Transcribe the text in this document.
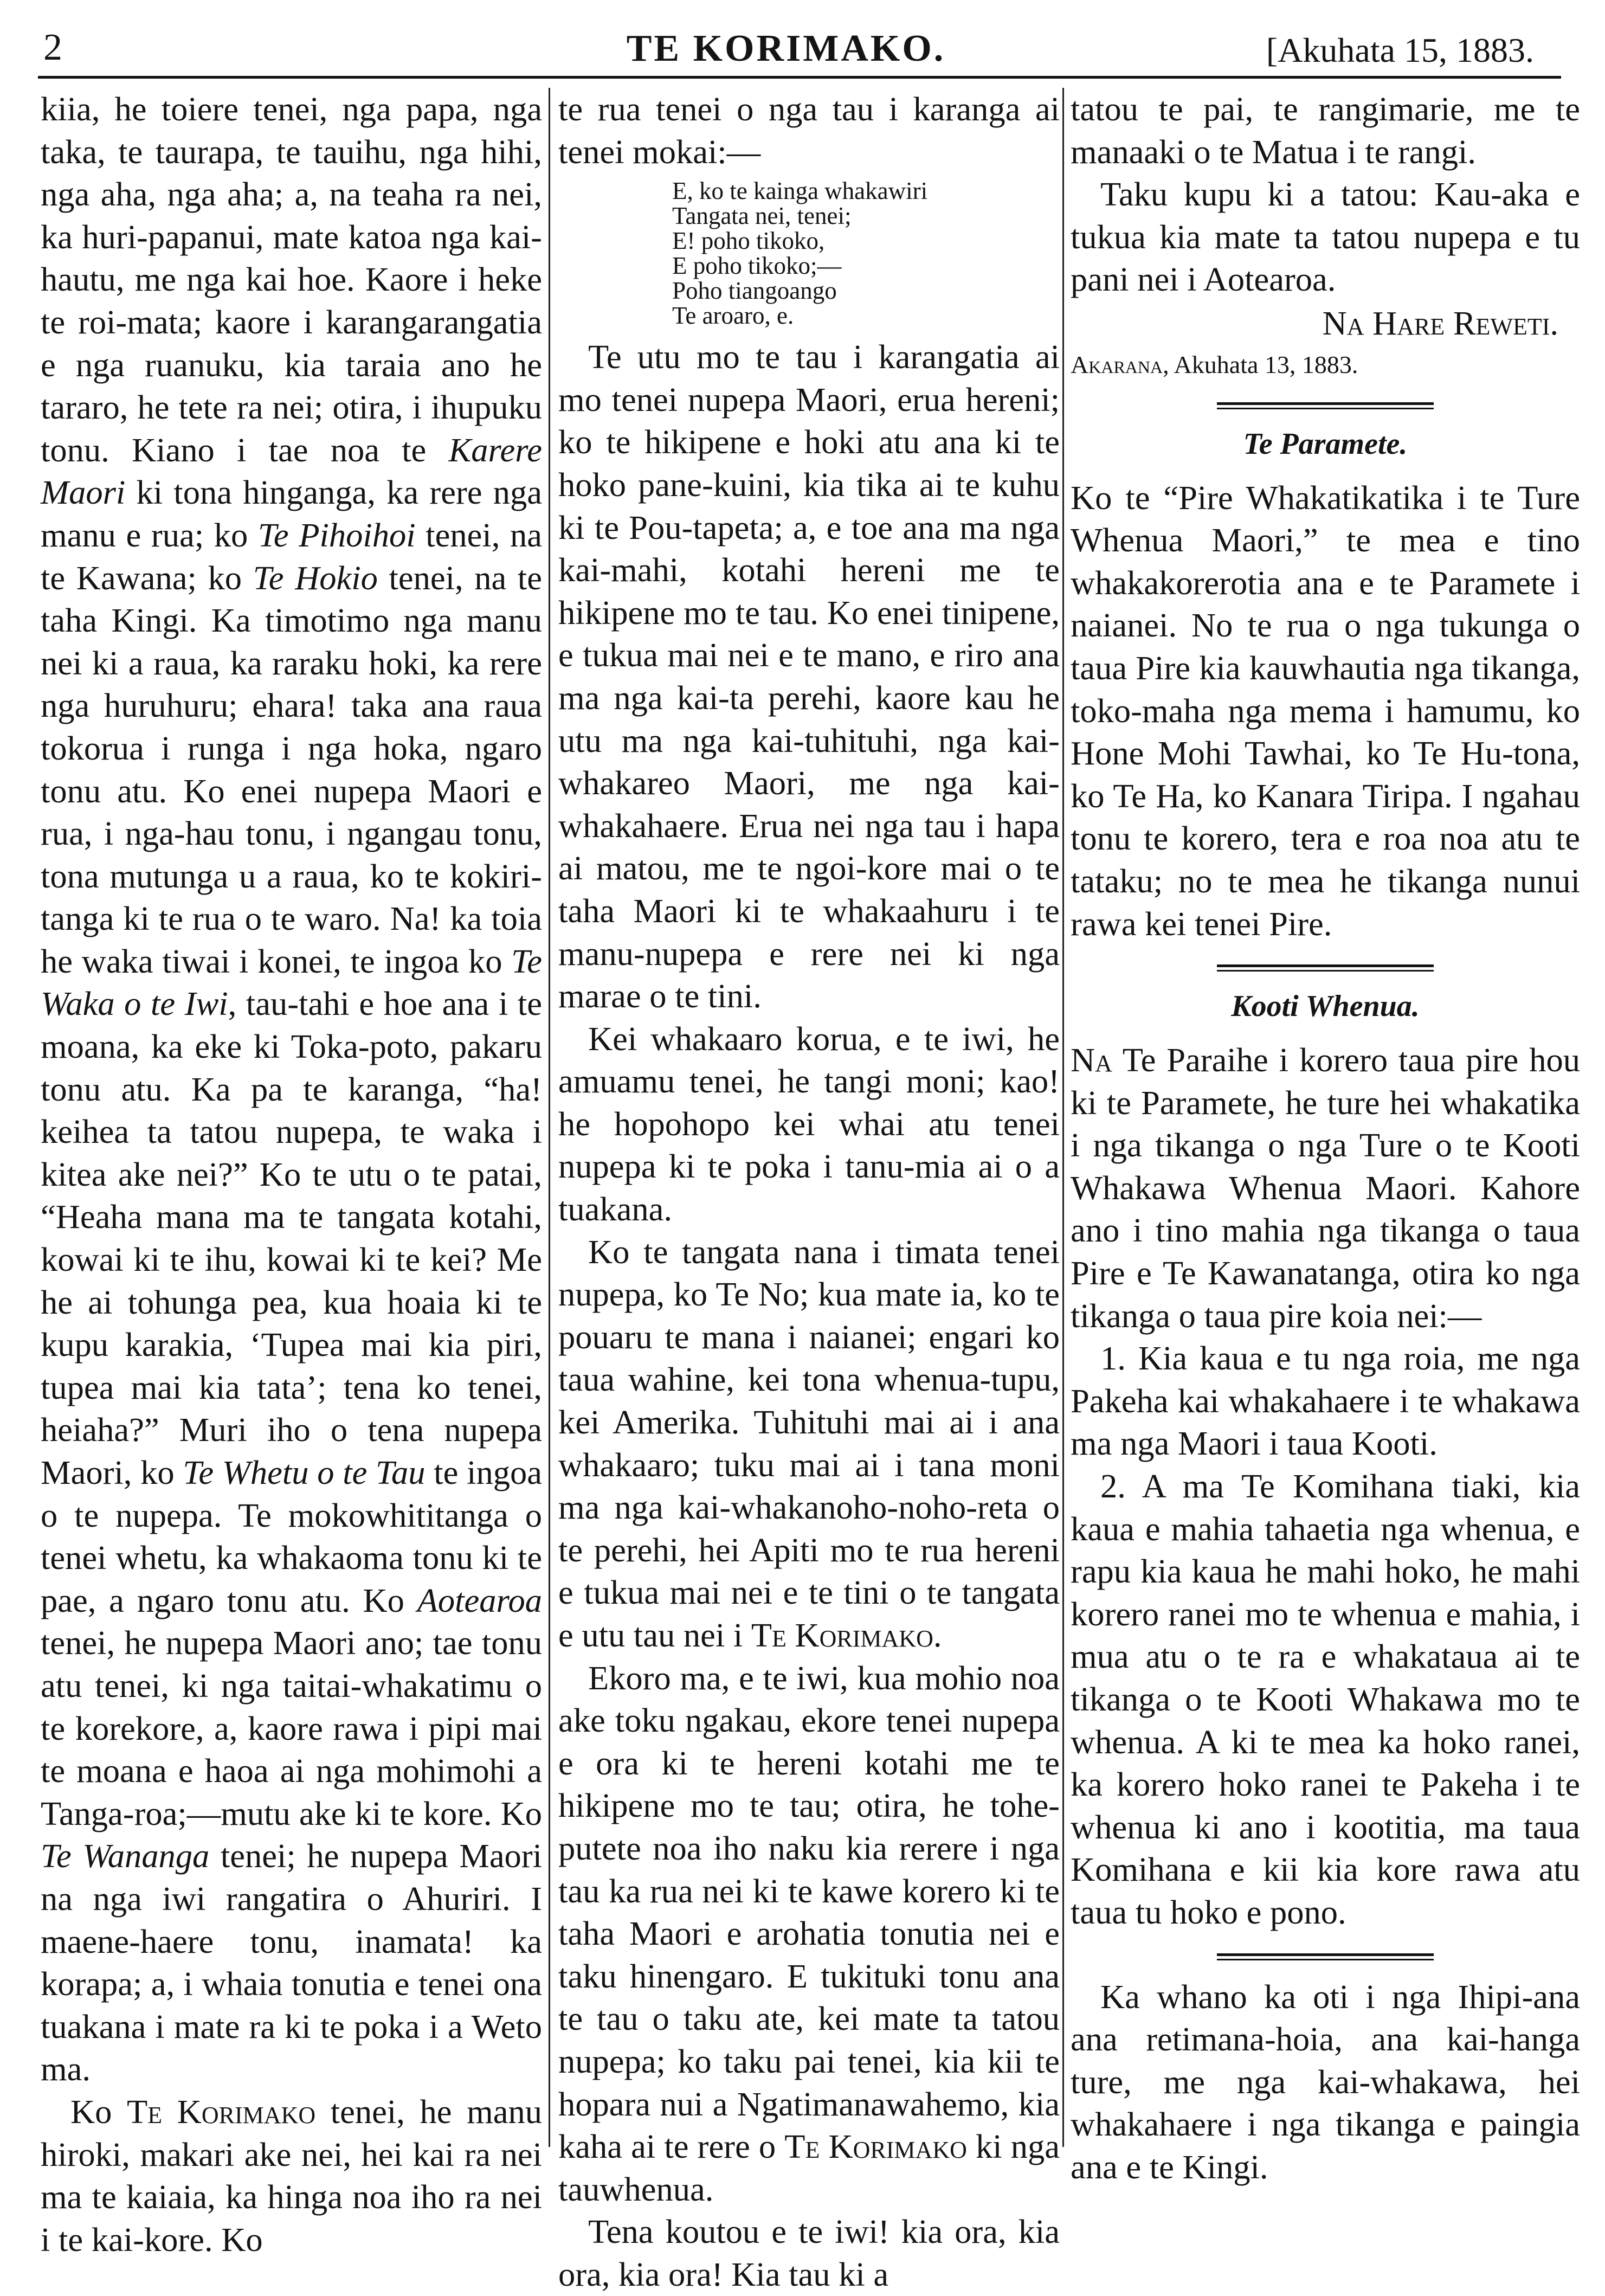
2	TE KORIMAKO.	[Akuhata 15, 1883.

kiia, he toiere tenei, nga papa, nga taka, te taurapa, te tauihu, nga hihi, nga aha, nga aha; a, na teaha ra nei, ka huri-papanui, mate katoa nga kai-hautu, me nga kai hoe. Kaore i heke te roi-mata; kaore i karangarangatia e nga ruanuku, kia taraia ano he tararo, he tete ra nei; otira, i ihupuku tonu. Kiano i tae noa te Karere Maori ki tona hinganga, ka rere nga manu e rua; ko Te Pihoihoi tenei, na te Kawana; ko Te Hokio tenei, na te taha Kingi. Ka timotimo nga manu nei ki a raua, ka raraku hoki, ka rere nga huruhuru; ehara! taka ana raua tokorua i runga i nga hoka, ngaro tonu atu. Ko enei nupepa Maori e rua, i nga-hau tonu, i ngangau tonu, tona mutunga u a raua, ko te kokiri-tanga ki te rua o te waro. Na! ka toia he waka tiwai i konei, te ingoa ko Te Waka o te Iwi, tau-tahi e hoe ana i te moana, ka eke ki Toka-poto, pakaru tonu atu. Ka pa te karanga, “ha! keihea ta tatou nupepa, te waka i kitea ake nei?” Ko te utu o te patai, “Heaha mana ma te tangata kotahi, kowai ki te ihu, kowai ki te kei? Me he ai tohunga pea, kua hoaia ki te kupu karakia, ‘Tupea mai kia piri, tupea mai kia tata’; tena ko tenei, heiaha?” Muri iho o tena nupepa Maori, ko Te Whetu o te Tau te ingoa o te nupepa. Te mokowhititanga o tenei whetu, ka whakaoma tonu ki te pae, a ngaro tonu atu. Ko Aotearoa tenei, he nupepa Maori ano; tae tonu atu tenei, ki nga taitai-whakatimu o te korekore, a, kaore rawa i pipi mai te moana e haoa ai nga mohimohi a Tanga-roa;—mutu ake ki te kore. Ko Te Wananga tenei; he nupepa Maori na nga iwi rangatira o Ahuriri. I maene-haere tonu, inamata! ka korapa; a, i whaia tonutia e tenei ona tuakana i mate ra ki te poka i a Weto ma.

Ko Te Korimako tenei, he manu hiroki, makari ake nei, hei kai ra nei ma te kaiaia, ka hinga noa iho ra nei i te kai-kore. Ko

te rua tenei o nga tau i karanga ai tenei mokai:—

E, ko te kainga whakawiri
Tangata nei, tenei;
E! poho tikoko,
E poho tikoko;—
Poho tiangoango
Te aroaro, e.

Te utu mo te tau i karangatia ai mo tenei nupepa Maori, erua hereni; ko te hikipene e hoki atu ana ki te hoko pane-kuini, kia tika ai te kuhu ki te Pou-tapeta; a, e toe ana ma nga kai-mahi, kotahi hereni me te hikipene mo te tau. Ko enei tinipene, e tukua mai nei e te mano, e riro ana ma nga kai-ta perehi, kaore kau he utu ma nga kai-tuhituhi, nga kai-whakareo Maori, me nga kai-whakahaere. Erua nei nga tau i hapa ai matou, me te ngoi-kore mai o te taha Maori ki te whakaahuru i te manu-nupepa e rere nei ki nga marae o te tini.

Kei whakaaro korua, e te iwi, he amuamu tenei, he tangi moni; kao! he hopohopo kei whai atu tenei nupepa ki te poka i tanu-mia ai o a tuakana.

Ko te tangata nana i timata tenei nupepa, ko Te No; kua mate ia, ko te pouaru te mana i naianei; engari ko taua wahine, kei tona whenua-tupu, kei Amerika. Tuhituhi mai ai i ana whakaaro; tuku mai ai i tana moni ma nga kai-whakanoho-noho-reta o te perehi, hei Apiti mo te rua hereni e tukua mai nei e te tini o te tangata e utu tau nei i Te Korimako.

Ekoro ma, e te iwi, kua mohio noa ake toku ngakau, ekore tenei nupepa e ora ki te hereni kotahi me te hikipene mo te tau; otira, he tohe-putete noa iho naku kia rerere i nga tau ka rua nei ki te kawe korero ki te taha Maori e arohatia tonutia nei e taku hinengaro. E tukituki tonu ana te tau o taku ate, kei mate ta tatou nupepa; ko taku pai tenei, kia kii te hopara nui a Ngatimanawahemo, kia kaha ai te rere o Te Korimako ki nga tauwhenua.

Tena koutou e te iwi! kia ora, kia ora, kia ora! Kia tau ki a

tatou te pai, te rangimarie, me te manaaki o te Matua i te rangi.

Taku kupu ki a tatou: Kau-aka e tukua kia mate ta tatou nupepa e tu pani nei i Aotearoa.

Na Hare Reweti.

Akarana, Akuhata 13, 1883.

Te Paramete.

Ko te “Pire Whakatikatika i te Ture Whenua Maori,” te mea e tino whakakorerotia ana e te Paramete i naianei. No te rua o nga tukunga o taua Pire kia kauwhautia nga tikanga, toko-maha nga mema i hamumu, ko Hone Mohi Tawhai, ko Te Hu-tona, ko Te Ha, ko Kanara Tiripa. I ngahau tonu te korero, tera e roa noa atu te tataku; no te mea he tikanga nunui rawa kei tenei Pire.

Kooti Whenua.

Na Te Paraihe i korero taua pire hou ki te Paramete, he ture hei whakatika i nga tikanga o nga Ture o te Kooti Whakawa Whenua Maori. Kahore ano i tino mahia nga tikanga o taua Pire e Te Kawanatanga, otira ko nga tikanga o taua pire koia nei:—

1. Kia kaua e tu nga roia, me nga Pakeha kai whakahaere i te whakawa ma nga Maori i taua Kooti.

2. A ma Te Komihana tiaki, kia kaua e mahia tahaetia nga whenua, e rapu kia kaua he mahi hoko, he mahi korero ranei mo te whenua e mahia, i mua atu o te ra e whakataua ai te tikanga o te Kooti Whakawa mo te whenua. A ki te mea ka hoko ranei, ka korero hoko ranei te Pakeha i te whenua ki ano i kootitia, ma taua Komihana e kii kia kore rawa atu taua tu hoko e pono.

Ka whano ka oti i nga Ihipi-ana ana retimana-hoia, ana kai-hanga ture, me nga kai-whakawa, hei whakahaere i nga tikanga e paingia ana e te Kingi.
